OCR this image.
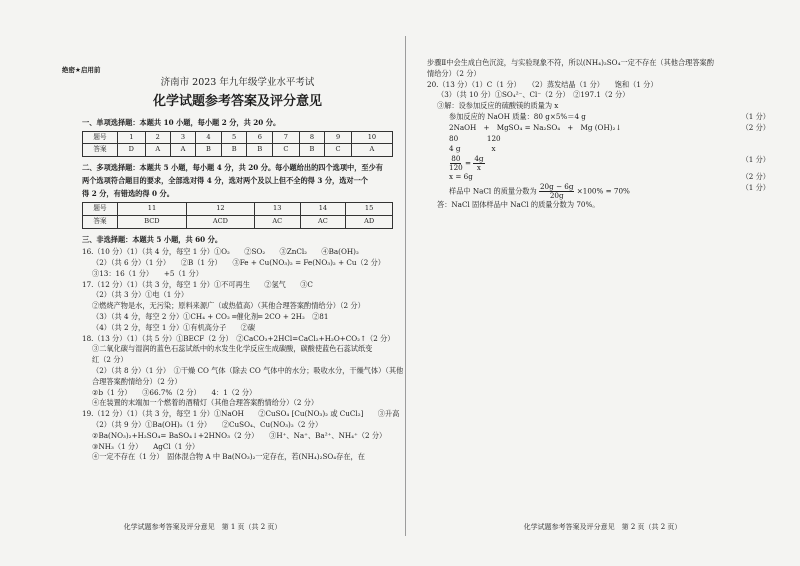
绝密★启用前
济南市 2023 年九年级学业水平考试
化学试题参考答案及评分意见
一、单项选择题：本题共 10 小题，每小题 2 分，共 20 分。
题号	1	2	3	4	5	6	7	8	9	10
答案	D	A	A	B	B	B	C	B	C	A
二、多项选择题：本题共 5 小题，每小题 4 分，共 20 分。每小题给出的四个选项中，至少有
两个选项符合题目的要求，全部选对得 4 分，选对两个及以上但不全的得 3 分，选对一个
得 2 分，有错选的得 0 分。
题号	11	12	13	14	15
答案	BCD	ACD	AC	AC	AD
三、非选择题：本题共 5 小题，共 60 分。
16.（10 分）（1）（共 4 分，每空 1 分）①O₂　　②SO₂　　③ZnCl₂　　④Ba(OH)₂
（2）（共 6 分）（1 分）　　②B（1 分）　　③Fe + Cu(NO₃)₂ = Fe(NO₃)₂ + Cu（2 分）
③13：16（1 分）　　+5（1 分）
17.（12 分）（1）（共 3 分，每空 1 分）①不可再生　　②氢气　　③C
（2）（共 3 分）①电（1 分）
②燃烧产物是水，无污染；原料来源广（或热值高）（其他合理答案酌情给分）（2 分）
（3）（共 4 分，每空 2 分）①CH₄ + CO₂ ═催化剂═ 2CO + 2H₂　②81
（4）（共 2 分，每空 1 分）①有机高分子　　②碳
18.（13 分）（1）（共 5 分）①BECF（2 分）　②CaCO₃+2HCl=CaCl₂+H₂O+CO₂↑（2 分）
③二氧化碳与湿润的蓝色石蕊试纸中的水发生化学反应生成碳酸，碳酸使蓝色石蕊试纸变
红（2 分）
（2）（共 8 分）（1 分）　①干燥 CO 气体（除去 CO 气体中的水分；吸收水分，干燥气体）（其他
合理答案酌情给分）（2 分）
②b（1 分）　　③66.7%（2 分）　　4：1（2 分）
④在装置的末端加一个燃着的酒精灯（其他合理答案酌情给分）（2 分）
19.（12 分）（1）（共 3 分，每空 1 分）①NaOH　　②CuSO₄ [Cu(NO₃)₂ 或 CuCl₂]　　③升高
（2）（共 9 分）①Ba(OH)₂（1 分）　　②CuSO₄、Cu(NO₃)₂（2 分）
②Ba(NO₃)₂+H₂SO₄= BaSO₄↓+2HNO₃（2 分）　　③H⁺、Na⁺、Ba²⁺、NH₄⁺（2 分）
③NH₃（1 分）　　AgCl（1 分）
④一定不存在（1 分）　固体混合物 A 中 Ba(NO₃)₂一定存在，若(NH₄)₂SO₄存在，在
化学试题参考答案及评分意见　第 1 页（共 2 页）
步骤Ⅱ中会生成白色沉淀，与实验现象不符，所以(NH₄)₂SO₄一定不存在（其他合理答案酌
情给分）（2 分）
20.（13 分）（1）C（1 分）　　（2）蒸发结晶（1 分）　　饱和（1 分）
（3）（共 10 分）①SO₄²⁻、Cl⁻（2 分）　②197.1（2 分）
③解：设参加反应的硫酸镁的质量为 x
参加反应的 NaOH 质量：80 g×5%＝4 g	（1 分）
2NaOH　+　MgSO₄ = Na₂SO₄　+　Mg (OH)₂↓	（2 分）
80　　　　120
4 g　　　　 x
$\frac{80}{120} = \frac{4g}{x}$	（1 分）
x = 6g	（2 分）
样品中 NaCl 的质量分数为 $\frac{20g - 6g}{20g} \times 100\% = 70\%$	（1 分）
答：NaCl 固体样品中 NaCl 的质量分数为 70%。
化学试题参考答案及评分意见　第 2 页（共 2 页）
